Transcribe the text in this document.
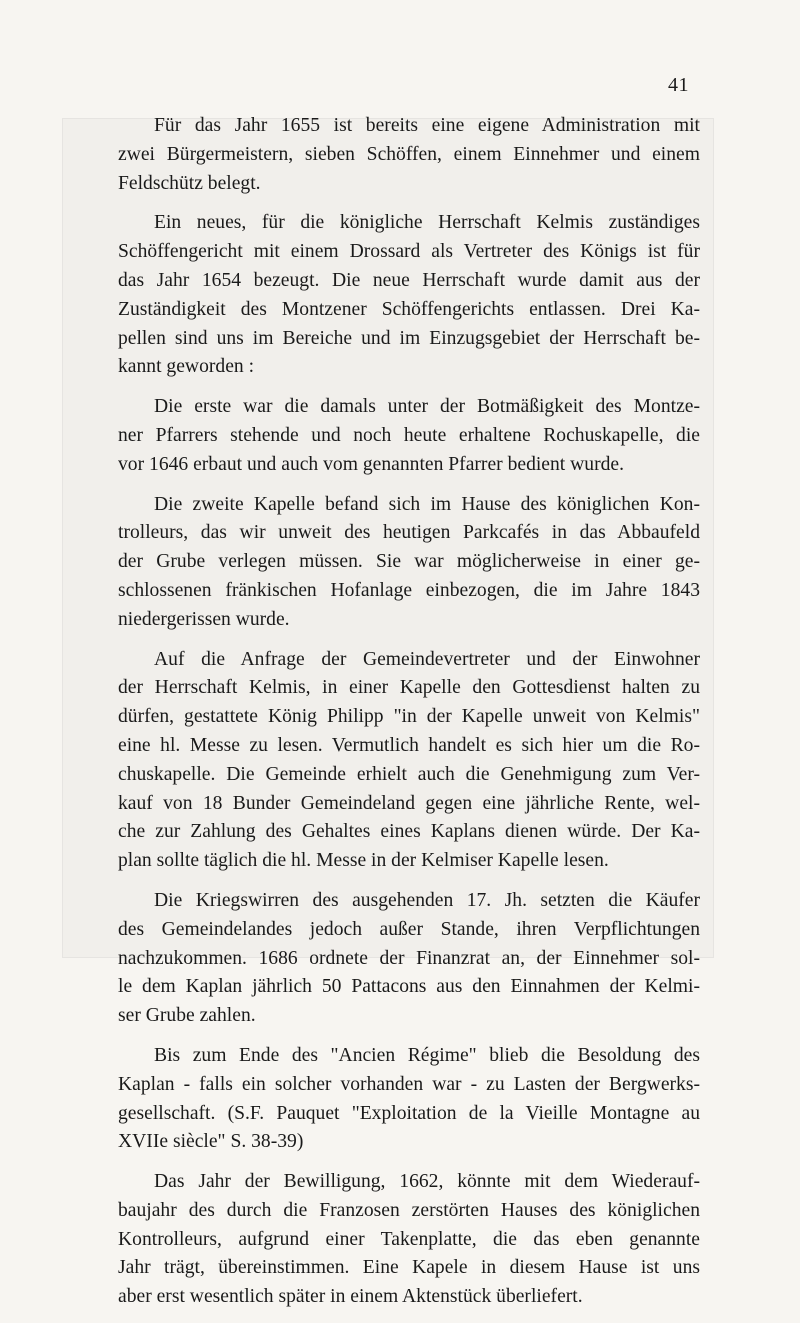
41
Für das Jahr 1655 ist bereits eine eigene Administration mit
zwei Bürgermeistern, sieben Schöffen, einem Einnehmer und einem
Feldschütz belegt.
Ein neues, für die königliche Herrschaft Kelmis zuständiges
Schöffengericht mit einem Drossard als Vertreter des Königs ist für
das Jahr 1654 bezeugt. Die neue Herrschaft wurde damit aus der
Zuständigkeit des Montzener Schöffengerichts entlassen. Drei Ka-
pellen sind uns im Bereiche und im Einzugsgebiet der Herrschaft be-
kannt geworden :
Die erste war die damals unter der Botmäßigkeit des Montze-
ner Pfarrers stehende und noch heute erhaltene Rochuskapelle, die
vor 1646 erbaut und auch vom genannten Pfarrer bedient wurde.
Die zweite Kapelle befand sich im Hause des königlichen Kon-
trolleurs, das wir unweit des heutigen Parkcafés in das Abbaufeld
der Grube verlegen müssen. Sie war möglicherweise in einer ge-
schlossenen fränkischen Hofanlage einbezogen, die im Jahre 1843
niedergerissen wurde.
Auf die Anfrage der Gemeindevertreter und der Einwohner
der Herrschaft Kelmis, in einer Kapelle den Gottesdienst halten zu
dürfen, gestattete König Philipp "in der Kapelle unweit von Kelmis"
eine hl. Messe zu lesen. Vermutlich handelt es sich hier um die Ro-
chuskapelle. Die Gemeinde erhielt auch die Genehmigung zum Ver-
kauf von 18 Bunder Gemeindeland gegen eine jährliche Rente, wel-
che zur Zahlung des Gehaltes eines Kaplans dienen würde. Der Ka-
plan sollte täglich die hl. Messe in der Kelmiser Kapelle lesen.
Die Kriegswirren des ausgehenden 17. Jh. setzten die Käufer
des Gemeindelandes jedoch außer Stande, ihren Verpflichtungen
nachzukommen. 1686 ordnete der Finanzrat an, der Einnehmer sol-
le dem Kaplan jährlich 50 Pattacons aus den Einnahmen der Kelmi-
ser Grube zahlen.
Bis zum Ende des "Ancien Régime" blieb die Besoldung des
Kaplan - falls ein solcher vorhanden war - zu Lasten der Bergwerks-
gesellschaft. (S.F. Pauquet "Exploitation de la Vieille Montagne au
XVIIe siècle" S. 38-39)
Das Jahr der Bewilligung, 1662, könnte mit dem Wiederauf-
baujahr des durch die Franzosen zerstörten Hauses des königlichen
Kontrolleurs, aufgrund einer Takenplatte, die das eben genannte
Jahr trägt, übereinstimmen. Eine Kapele in diesem Hause ist uns
aber erst wesentlich später in einem Aktenstück überliefert.
